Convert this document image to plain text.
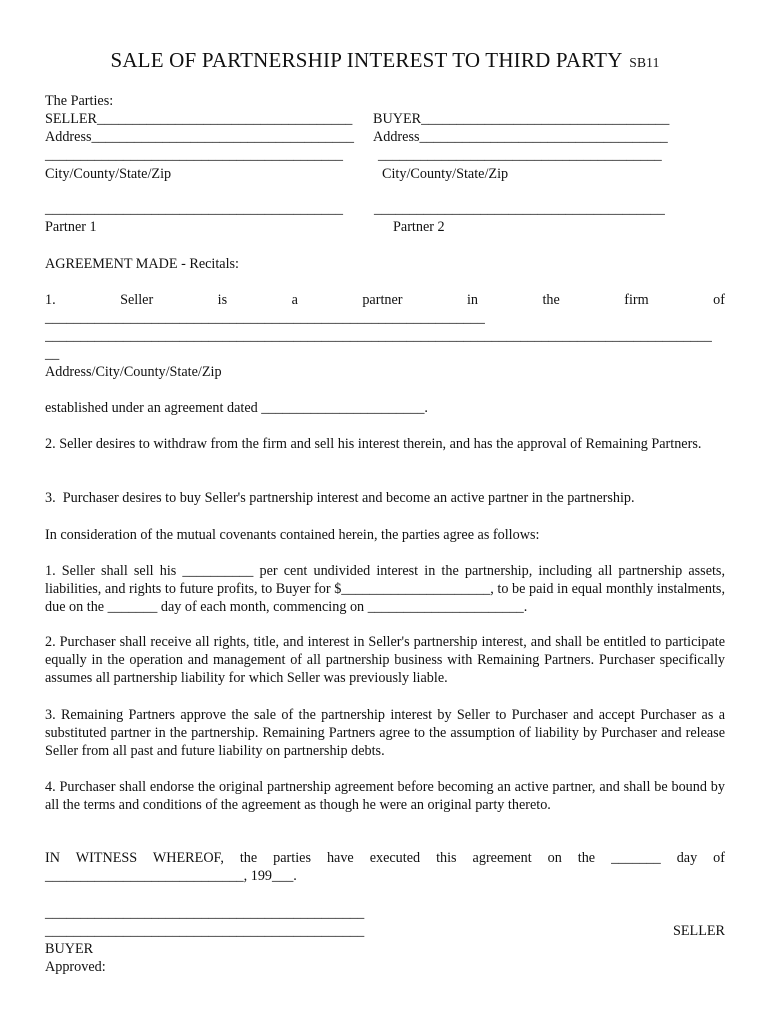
SALE OF PARTNERSHIP INTEREST TO THIRD PARTY SB11
The Parties:
SELLER____________________________________ BUYER___________________________________
Address_____________________________________ Address___________________________________
__________________________________________ ________________________________________
City/County/State/Zip	City/County/State/Zip
__________________________________________ _________________________________________
Partner 1	Partner 2
AGREEMENT MADE - Recitals:
1.	Seller	is	a	partner	in	the	firm	of
______________________________________________________________
______________________________________________________________________________________________
__
Address/City/County/State/Zip
established under an agreement dated _______________________.
2. Seller desires to withdraw from the firm and sell his interest therein, and has the approval of Remaining Partners.
3.  Purchaser desires to buy Seller's partnership interest and become an active partner in the partnership.
In consideration of the mutual covenants contained herein, the parties agree as follows:
1. Seller shall sell his __________ per cent undivided interest in the partnership, including all partnership assets, liabilities, and rights to future profits, to Buyer for $_____________________, to be paid in equal monthly instalments, due on the _______ day of each month, commencing on ______________________.
2. Purchaser shall receive all rights, title, and interest in Seller's partnership interest, and shall be entitled to participate equally in the operation and management of all partnership business with Remaining Partners. Purchaser specifically assumes all partnership liability for which Seller was previously liable.
3. Remaining Partners approve the sale of the partnership interest by Seller to Purchaser and accept Purchaser as a substituted partner in the partnership. Remaining Partners agree to the assumption of liability by Purchaser and release Seller from all past and future liability on partnership debts.
4. Purchaser shall endorse the original partnership agreement before becoming an active partner, and shall be bound by all the terms and conditions of the agreement as though he were an original party thereto.
IN WITNESS WHEREOF, the parties have executed this agreement on the _______ day of
____________________________, 199___.
_____________________________________________
_____________________________________________	SELLER
BUYER
Approved:
